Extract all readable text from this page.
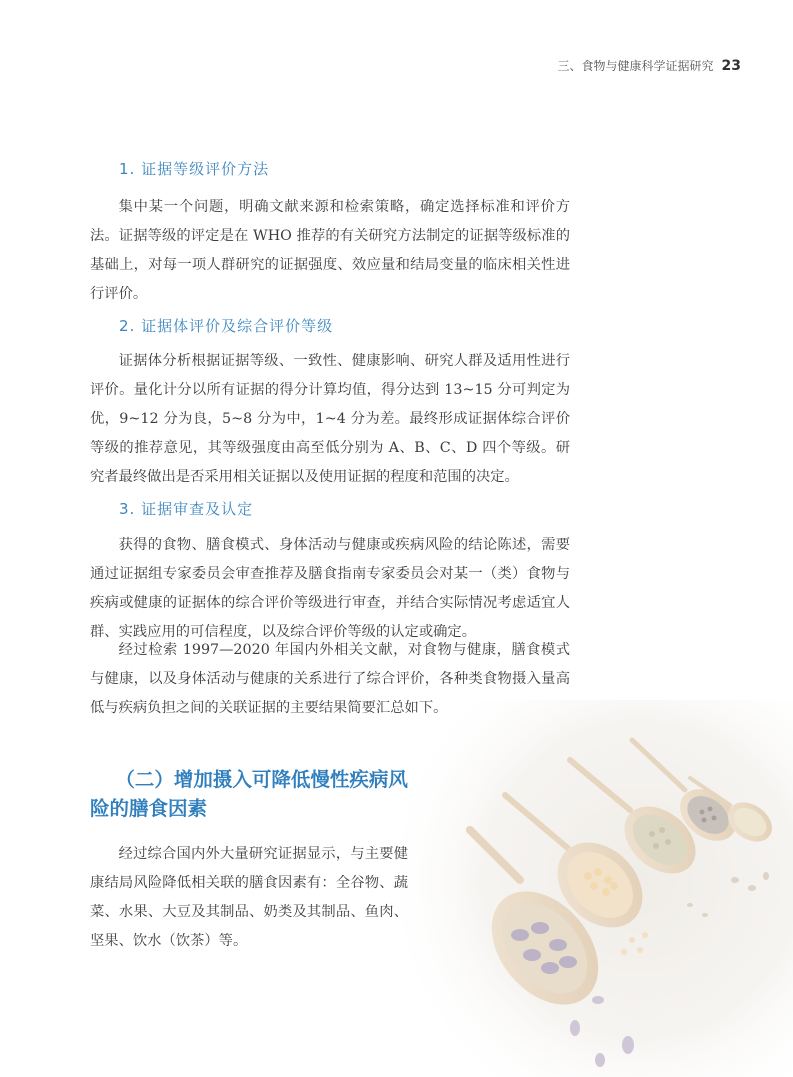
三、食物与健康科学证据研究 23
1. 证据等级评价方法

集中某一个问题，明确文献来源和检索策略，确定选择标准和评价方法。证据等级的评定是在 WHO 推荐的有关研究方法制定的证据等级标准的基础上，对每一项人群研究的证据强度、效应量和结局变量的临床相关性进行评价。

2. 证据体评价及综合评价等级

证据体分析根据证据等级、一致性、健康影响、研究人群及适用性进行评价。量化计分以所有证据的得分计算均值，得分达到 13~15 分可判定为优，9~12 分为良，5~8 分为中，1~4 分为差。最终形成证据体综合评价等级的推荐意见，其等级强度由高至低分别为 A、B、C、D 四个等级。研究者最终做出是否采用相关证据以及使用证据的程度和范围的决定。

3. 证据审查及认定

获得的食物、膳食模式、身体活动与健康或疾病风险的结论陈述，需要通过证据组专家委员会审查推荐及膳食指南专家委员会对某一（类）食物与疾病或健康的证据体的综合评价等级进行审查，并结合实际情况考虑适宜人群、实践应用的可信程度，以及综合评价等级的认定或确定。

经过检索 1997—2020 年国内外相关文献，对食物与健康，膳食模式与健康，以及身体活动与健康的关系进行了综合评价，各种类食物摄入量高低与疾病负担之间的关联证据的主要结果简要汇总如下。

（二）增加摄入可降低慢性疾病风险的膳食因素

经过综合国内外大量研究证据显示，与主要健康结局风险降低相关联的膳食因素有：全谷物、蔬菜、水果、大豆及其制品、奶类及其制品、鱼肉、坚果、饮水（饮茶）等。
